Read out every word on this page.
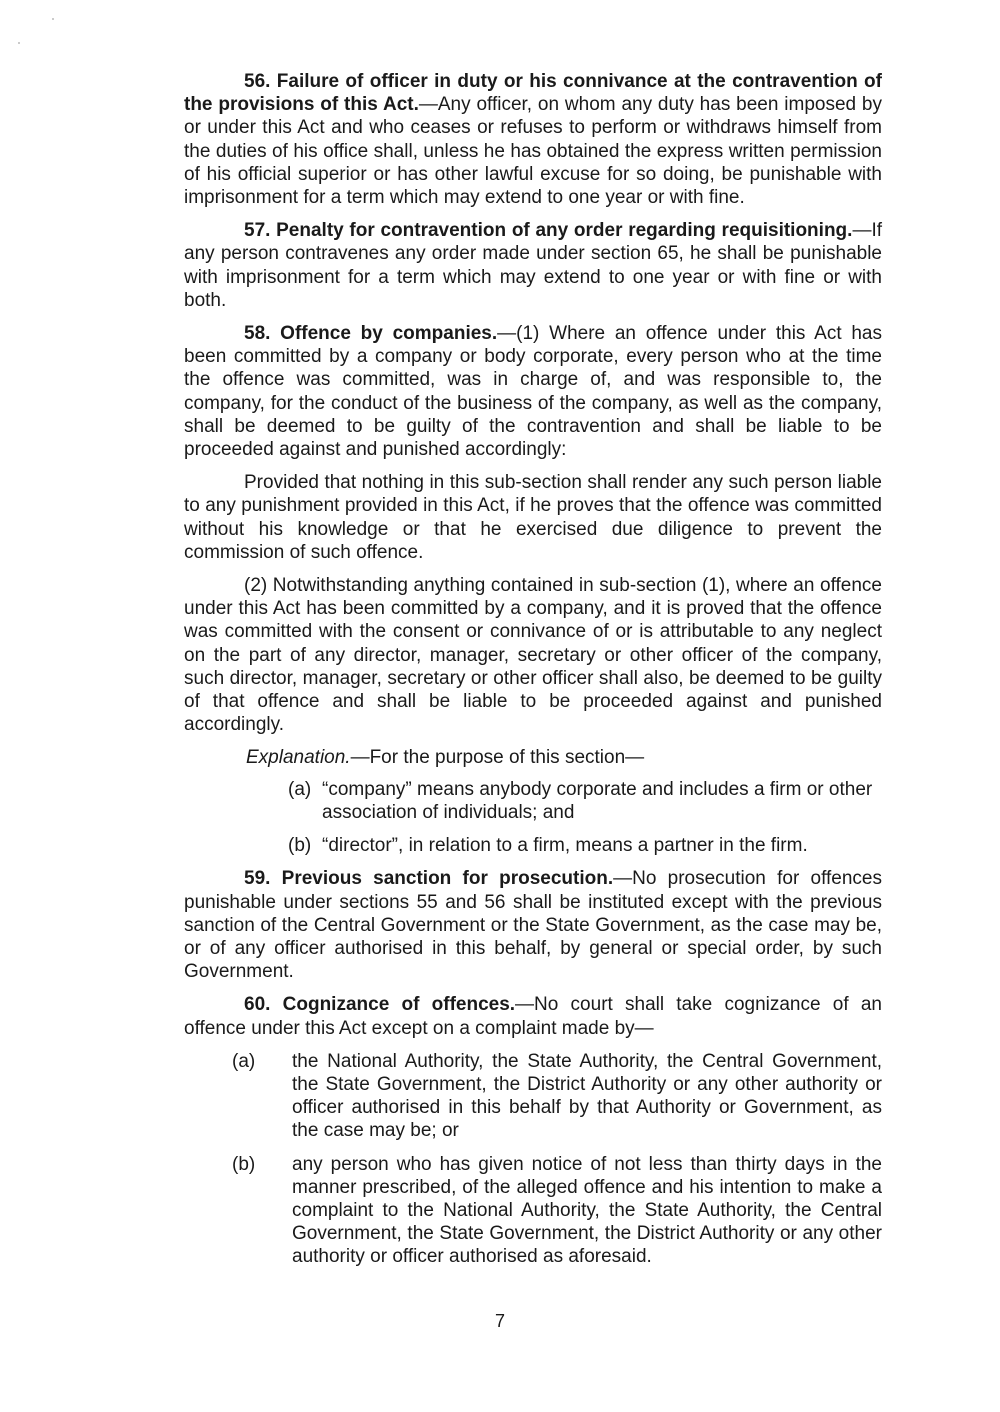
56. Failure of officer in duty or his connivance at the contravention of the provisions of this Act.—Any officer, on whom any duty has been imposed by or under this Act and who ceases or refuses to perform or withdraws himself from the duties of his office shall, unless he has obtained the express written permission of his official superior or has other lawful excuse for so doing, be punishable with imprisonment for a term which may extend to one year or with fine.

57. Penalty for contravention of any order regarding requisitioning.—If any person contravenes any order made under section 65, he shall be punishable with imprisonment for a term which may extend to one year or with fine or with both.

58. Offence by companies.—(1) Where an offence under this Act has been committed by a company or body corporate, every person who at the time the offence was committed, was in charge of, and was responsible to, the company, for the conduct of the business of the company, as well as the company, shall be deemed to be guilty of the contravention and shall be liable to be proceeded against and punished accordingly:

Provided that nothing in this sub-section shall render any such person liable to any punishment provided in this Act, if he proves that the offence was committed without his knowledge or that he exercised due diligence to prevent the commission of such offence.

(2) Notwithstanding anything contained in sub-section (1), where an offence under this Act has been committed by a company, and it is proved that the offence was committed with the consent or connivance of or is attributable to any neglect on the part of any director, manager, secretary or other officer of the company, such director, manager, secretary or other officer shall also, be deemed to be guilty of that offence and shall be liable to be proceeded against and punished accordingly.

Explanation.—For the purpose of this section—

(a) “company” means anybody corporate and includes a firm or other association of individuals; and
(b) “director”, in relation to a firm, means a partner in the firm.

59. Previous sanction for prosecution.—No prosecution for offences punishable under sections 55 and 56 shall be instituted except with the previous sanction of the Central Government or the State Government, as the case may be, or of any officer authorised in this behalf, by general or special order, by such Government.

60. Cognizance of offences.—No court shall take cognizance of an offence under this Act except on a complaint made by—

(a)	the National Authority, the State Authority, the Central Government, the State Government, the District Authority or any other authority or officer authorised in this behalf by that Authority or Government, as the case may be; or
(b)	any person who has given notice of not less than thirty days in the manner prescribed, of the alleged offence and his intention to make a complaint to the National Authority, the State Authority, the Central Government, the State Government, the District Authority or any other authority or officer authorised as aforesaid.
7
